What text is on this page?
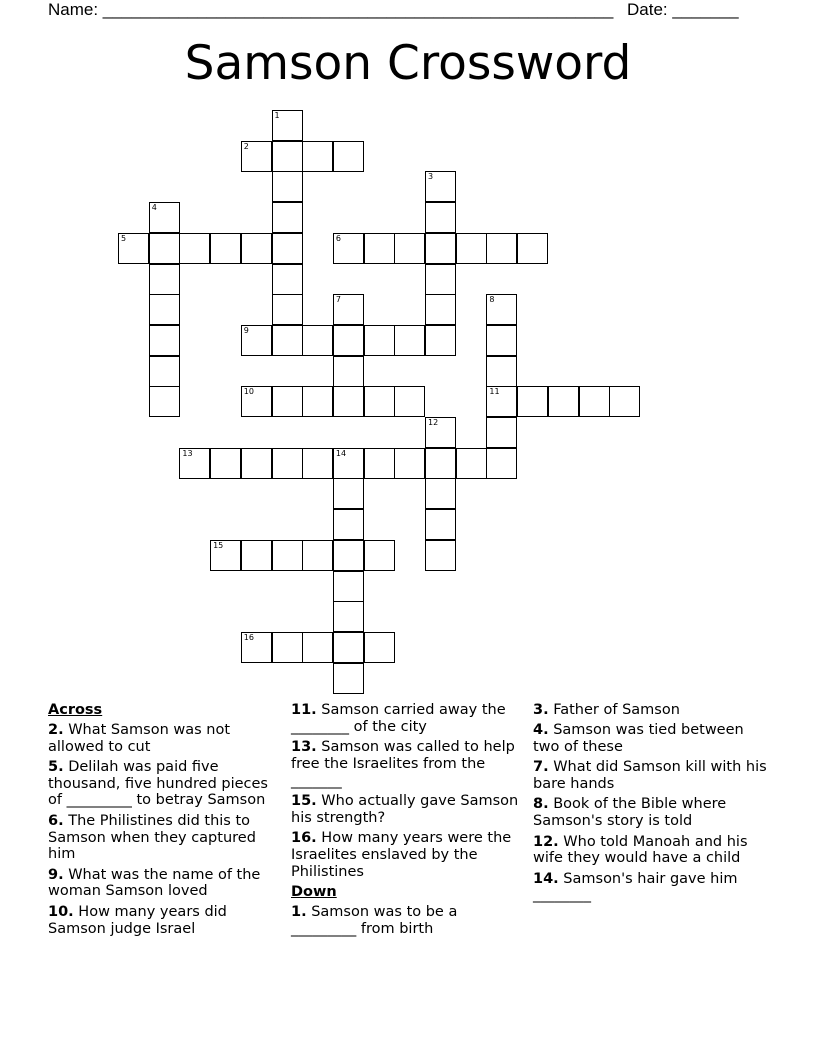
Name: ______________________________________________________ Date: _______
Samson Crossword
1
2
3
4
5	6
7	8
11
9
10
12
13	14
15
16
Across
2. What Samson was not allowed to cut
5. Delilah was paid five thousand, five hundred pieces of _________ to betray Samson
6. The Philistines did this to Samson when they captured him
9. What was the name of the woman Samson loved
10. How many years did Samson judge Israel
11. Samson carried away the ________ of the city
13. Samson was called to help free the Israelites from the _______
15. Who actually gave Samson his strength?
16. How many years were the Israelites enslaved by the Philistines
Down
1. Samson was to be a _________ from birth
3. Father of Samson
4. Samson was tied between two of these
7. What did Samson kill with his bare hands
8. Book of the Bible where Samson's story is told
12. Who told Manoah and his wife they would have a child
14. Samson's hair gave him ________
